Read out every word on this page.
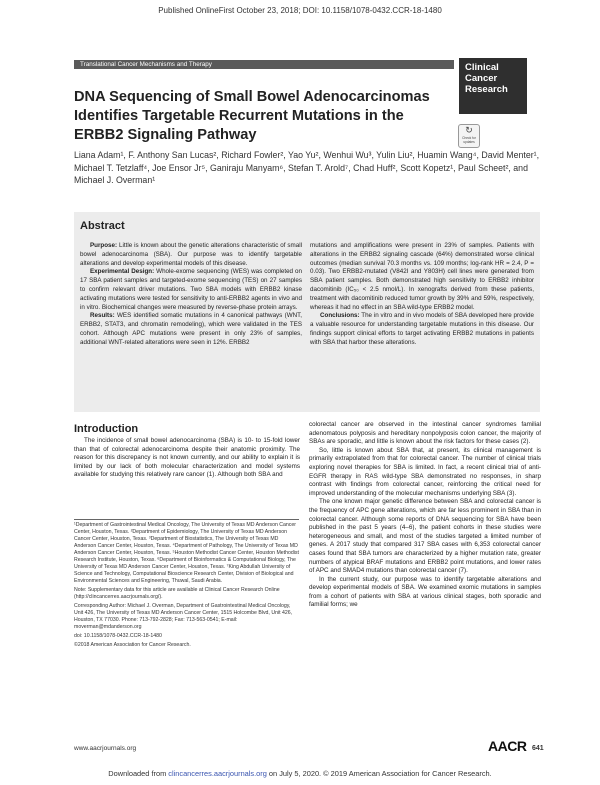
Published OnlineFirst October 23, 2018; DOI: 10.1158/1078-0432.CCR-18-1480
Translational Cancer Mechanisms and Therapy	Clinical
Cancer
Research
DNA Sequencing of Small Bowel Adenocarcinomas Identifies Targetable Recurrent Mutations in the ERBB2 Signaling Pathway	↻
Check for updates
Liana Adam¹, F. Anthony San Lucas², Richard Fowler², Yao Yu², Wenhui Wu³, Yulin Liu², Huamin Wang⁴, David Menter¹, Michael T. Tetzlaff⁴, Joe Ensor Jr⁵, Ganiraju Manyam⁶, Stefan T. Arold⁷, Chad Huff², Scott Kopetz¹, Paul Scheet², and Michael J. Overman¹
Abstract

Purpose: Little is known about the genetic alterations characteristic of small bowel adenocarcinoma (SBA). Our purpose was to identify targetable alterations and develop experimental models of this disease.

Experimental Design: Whole-exome sequencing (WES) was completed on 17 SBA patient samples and targeted-exome sequencing (TES) on 27 samples to confirm relevant driver mutations. Two SBA models with ERBB2 kinase activating mutations were tested for sensitivity to anti-ERBB2 agents in vivo and in vitro. Biochemical changes were measured by reverse-phase protein arrays.

Results: WES identified somatic mutations in 4 canonical pathways (WNT, ERBB2, STAT3, and chromatin remodeling), which were validated in the TES cohort. Although APC mutations were present in only 23% of samples, additional WNT-related alterations were seen in 12%. ERBB2

mutations and amplifications were present in 23% of samples. Patients with alterations in the ERBB2 signaling cascade (64%) demonstrated worse clinical outcomes (median survival 70.3 months vs. 109 months; log-rank HR = 2.4, P = 0.03). Two ERBB2-mutated (V842I and Y803H) cell lines were generated from SBA patient samples. Both demonstrated high sensitivity to ERBB2 inhibitor dacomitinib (IC₅₀ < 2.5 nmol/L). In xenografts derived from these patients, treatment with dacomitinib reduced tumor growth by 39% and 59%, respectively, whereas it had no effect in an SBA wild-type ERBB2 model.

Conclusions: The in vitro and in vivo models of SBA developed here provide a valuable resource for understanding targetable mutations in this disease. Our findings support clinical efforts to target activating ERBB2 mutations in patients with SBA that harbor these alterations.

Introduction

The incidence of small bowel adenocarcinoma (SBA) is 10- to 15-fold lower than that of colorectal adenocarcinoma despite their anatomic proximity. The reason for this discrepancy is not known currently, and our ability to explain it is limited by our lack of both molecular characterization and model systems available for studying this relatively rare cancer (1). Although both SBA and

¹Department of Gastrointestinal Medical Oncology, The University of Texas MD Anderson Cancer Center, Houston, Texas. ²Department of Epidemiology, The University of Texas MD Anderson Cancer Center, Houston, Texas. ³Department of Biostatistics, The University of Texas MD Anderson Cancer Center, Houston, Texas. ⁴Department of Pathology, The University of Texas MD Anderson Cancer Center, Houston, Texas. ⁵Houston Methodist Cancer Center, Houston Methodist Research Institute, Houston, Texas. ⁶Department of Bioinformatics & Computational Biology, The University of Texas MD Anderson Cancer Center, Houston, Texas. ⁷King Abdullah University of Science and Technology, Computational Bioscience Research Center, Division of Biological and Environmental Sciences and Engineering, Thuwal, Saudi Arabia.

Note: Supplementary data for this article are available at Clinical Cancer Research Online (http://clincancerres.aacrjournals.org/).

Corresponding Author: Michael J. Overman, Department of Gastrointestinal Medical Oncology, Unit 426, The University of Texas MD Anderson Cancer Center, 1515 Holcombe Blvd, Unit 426, Houston, TX 77030. Phone: 713-792-2828; Fax: 713-563-0541; E-mail: moverman@mdanderson.org

doi: 10.1158/1078-0432.CCR-18-1480

©2018 American Association for Cancer Research.

colorectal cancer are observed in the intestinal cancer syndromes familial adenomatous polyposis and hereditary nonpolyposis colon cancer, the majority of SBAs are sporadic, and little is known about the risk factors for these cases (2).

So, little is known about SBA that, at present, its clinical management is primarily extrapolated from that for colorectal cancer. The number of clinical trials exploring novel therapies for SBA is limited. In fact, a recent clinical trial of anti-EGFR therapy in RAS wild-type SBA demonstrated no responses, in sharp contrast with findings from colorectal cancer, reinforcing the critical need for improved understanding of the molecular mechanisms underlying SBA (3).

The one known major genetic difference between SBA and colorectal cancer is the frequency of APC gene alterations, which are far less prominent in SBA than in colorectal cancer. Although some reports of DNA sequencing for SBA have been published in the past 5 years (4–6), the patient cohorts in these studies were heterogeneous and small, and most of the studies targeted a limited number of genes. A 2017 study that compared 317 SBA cases with 6,353 colorectal cancer cases found that SBA tumors are characterized by a higher mutation rate, greater numbers of atypical BRAF mutations and ERBB2 point mutations, and lower rates of APC and SMAD4 mutations than colorectal cancer (7).

In the current study, our purpose was to identify targetable alterations and develop experimental models of SBA. We examined exomic mutations in samples from a cohort of patients with SBA at various clinical stages, both sporadic and familial forms; we

www.aacrjournals.org	AACR 641
Downloaded from clincancerres.aacrjournals.org on July 5, 2020. © 2019 American Association for Cancer Research.
